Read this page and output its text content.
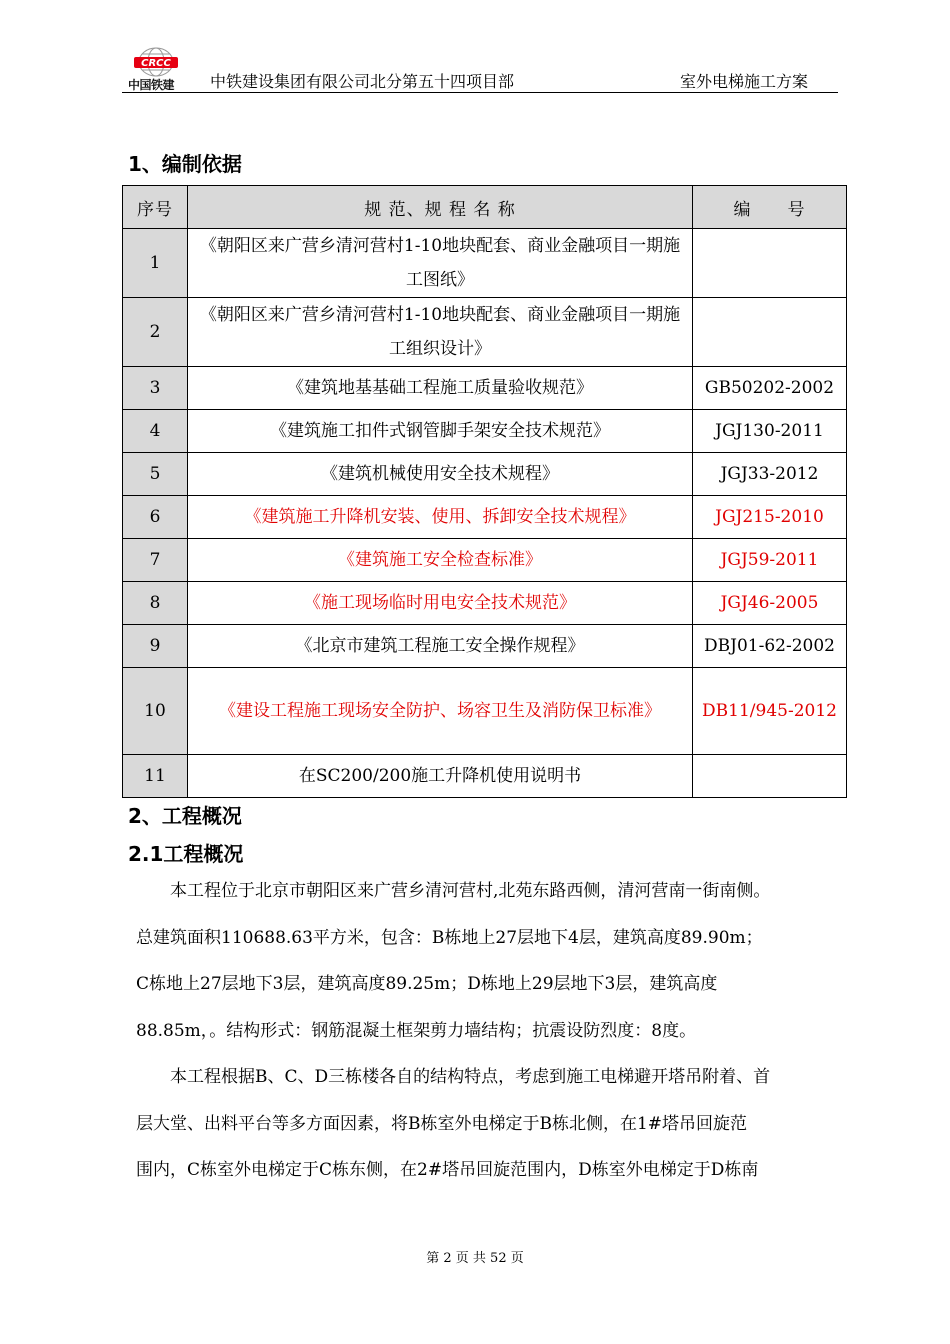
CRCC
中国铁建 中铁建设集团有限公司北分第五十四项目部	室外电梯施工方案
1、编制依据
序号	规 范、规 程 名 称	编　　号
1	《朝阳区来广营乡清河营村1-10地块配套、商业金融项目一期施工图纸》	
2	《朝阳区来广营乡清河营村1-10地块配套、商业金融项目一期施工组织设计》	
3	《建筑地基基础工程施工质量验收规范》	GB50202-2002
4	《建筑施工扣件式钢管脚手架安全技术规范》	JGJ130-2011
5	《建筑机械使用安全技术规程》	JGJ33-2012
6	《建筑施工升降机安装、使用、拆卸安全技术规程》	JGJ215-2010
7	《建筑施工安全检查标准》	JGJ59-2011
8	《施工现场临时用电安全技术规范》	JGJ46-2005
9	《北京市建筑工程施工安全操作规程》	DBJ01-62-2002
10	《建设工程施工现场安全防护、场容卫生及消防保卫标准》	DB11/945-2012
11	在SC200/200施工升降机使用说明书	
2、工程概况
2.1工程概况
　　本工程位于北京市朝阳区来广营乡清河营村,北苑东路西侧，清河营南一街南侧。
总建筑面积110688.63平方米，包含：B栋地上27层地下4层，建筑高度89.90m；
C栋地上27层地下3层，建筑高度89.25m；D栋地上29层地下3层，建筑高度
88.85m，。结构形式：钢筋混凝土框架剪力墙结构；抗震设防烈度：8度。
　　本工程根据B、C、D三栋楼各自的结构特点，考虑到施工电梯避开塔吊附着、首
层大堂、出料平台等多方面因素，将B栋室外电梯定于B栋北侧，在1#塔吊回旋范
围内，C栋室外电梯定于C栋东侧，在2#塔吊回旋范围内，D栋室外电梯定于D栋南
第 2 页 共 52 页
